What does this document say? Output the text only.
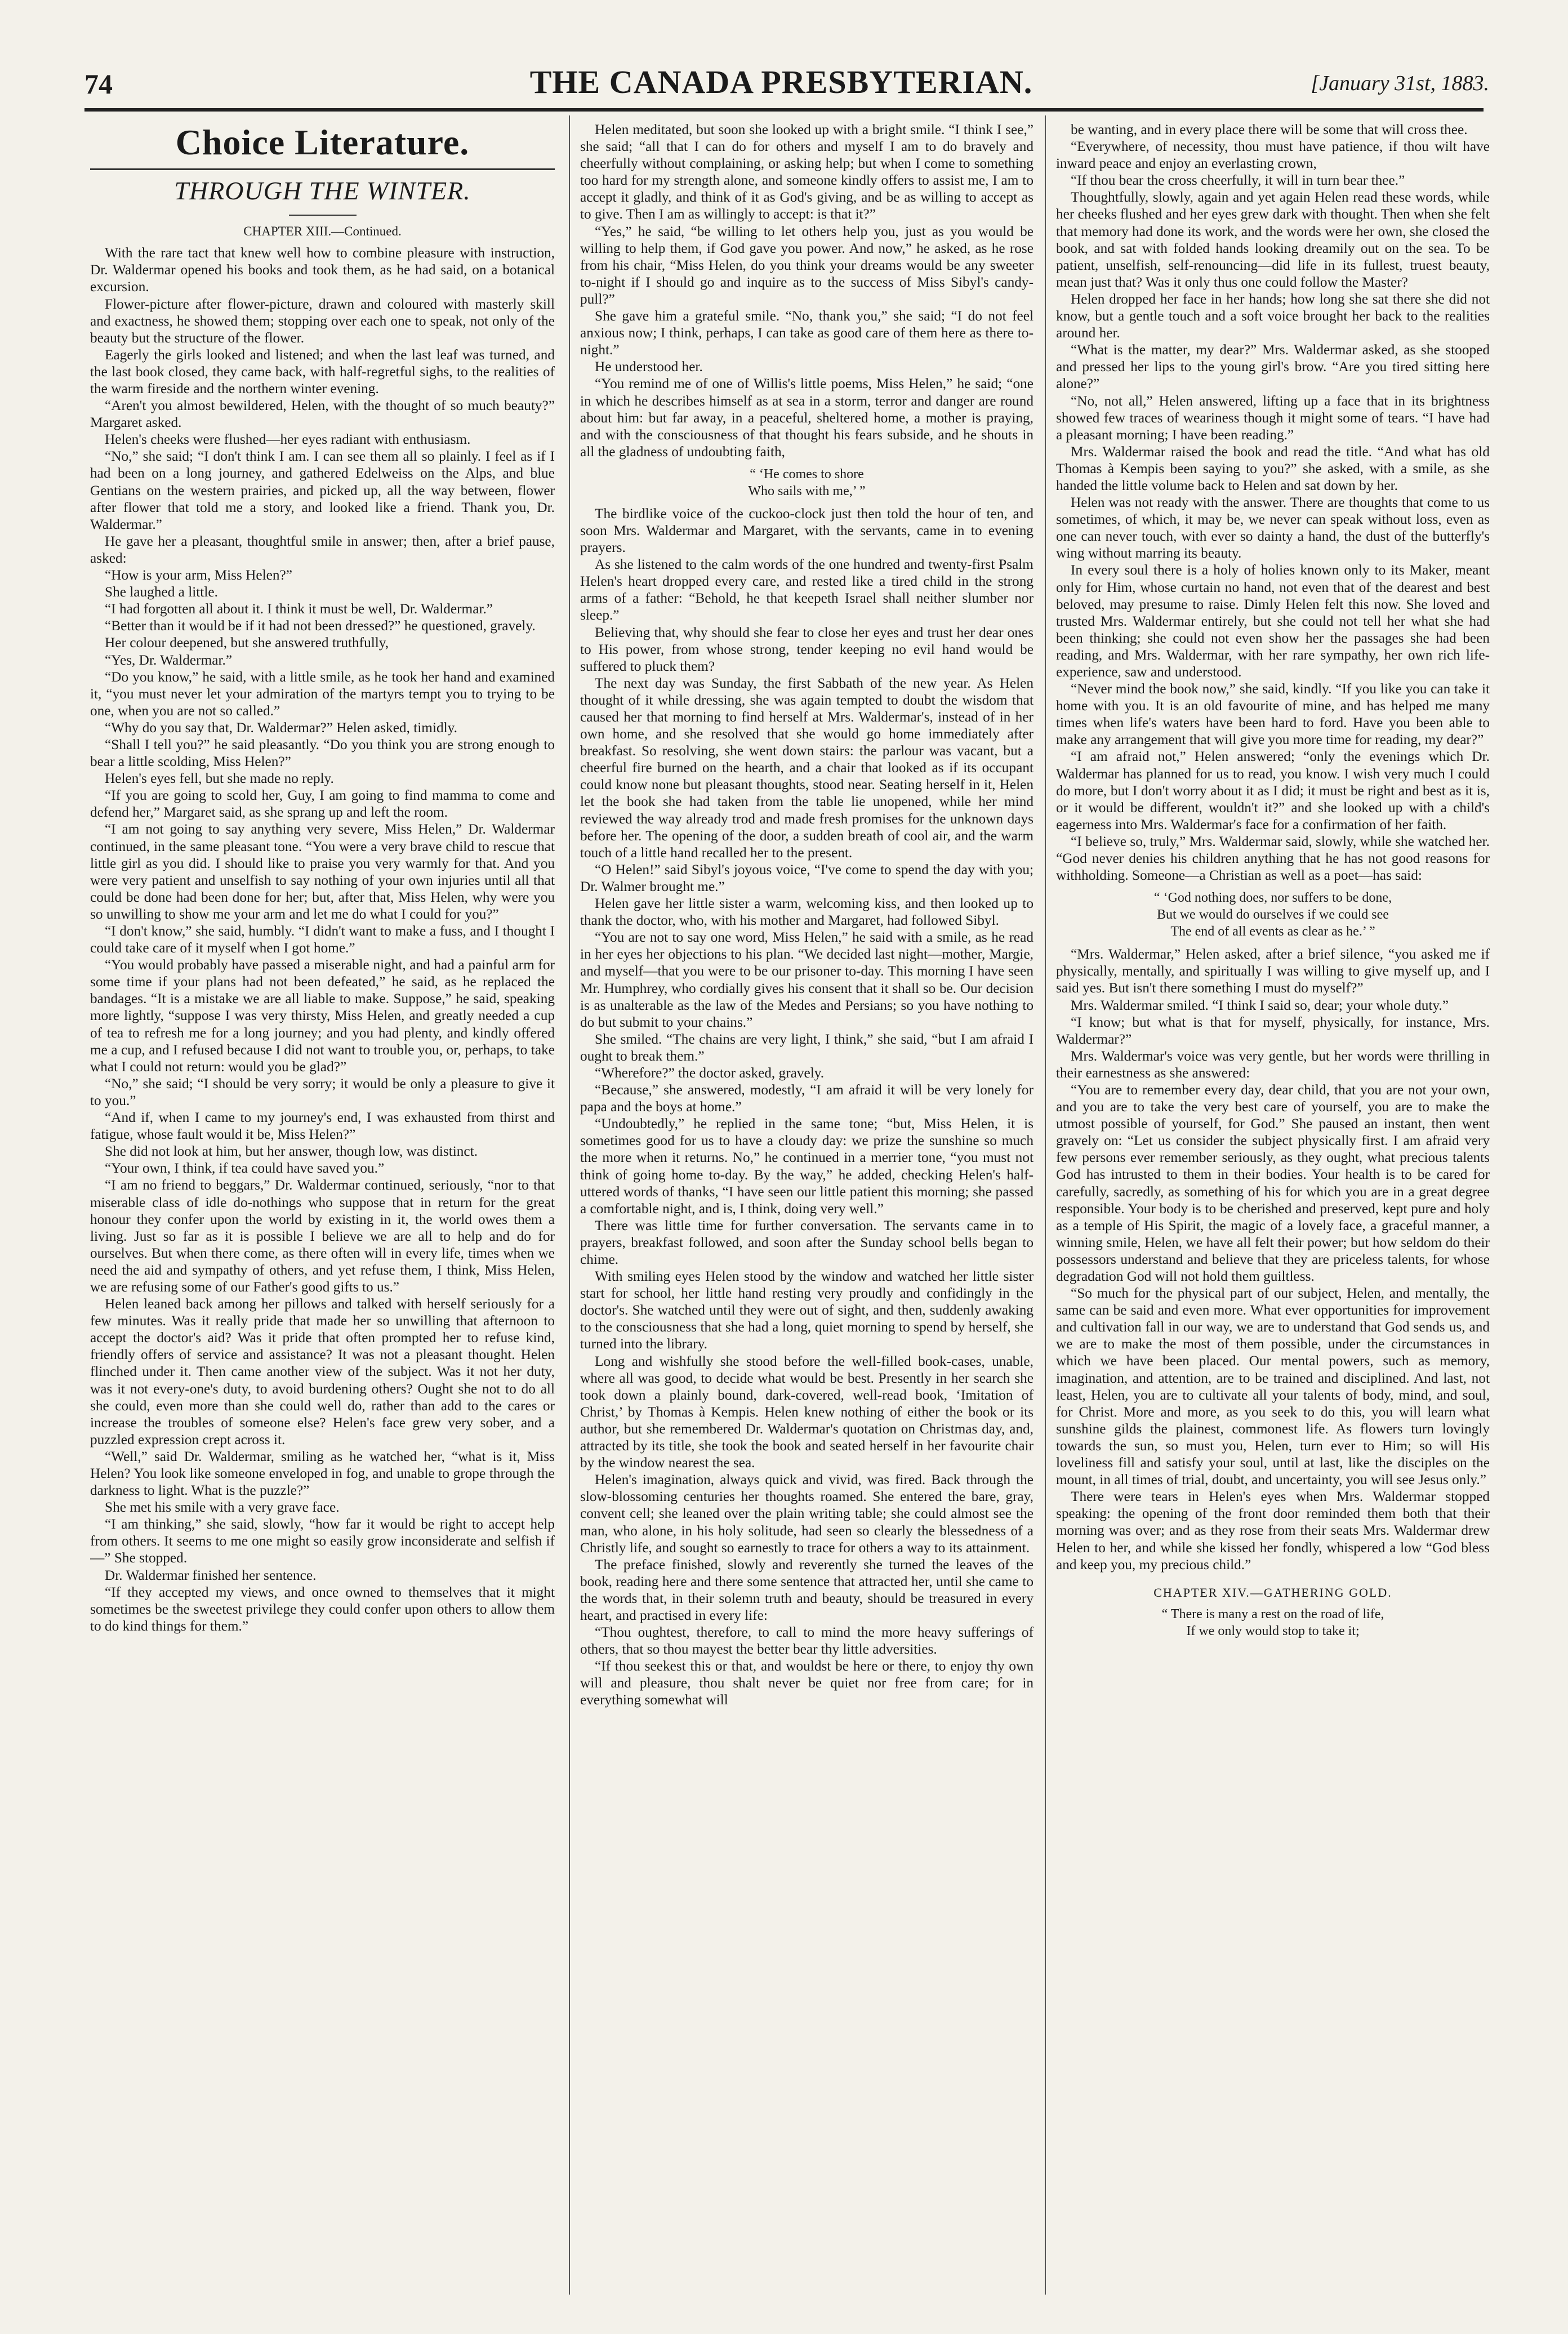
74	THE CANADA PRESBYTERIAN.	[January 31st, 1883.
Choice Literature.
THROUGH THE WINTER.
CHAPTER XIII.—Continued.

With the rare tact that knew well how to combine pleasure with instruction, Dr. Waldermar opened his books and took them, as he had said, on a botanical excursion.

Flower-picture after flower-picture, drawn and coloured with masterly skill and exactness, he showed them; stopping over each one to speak, not only of the beauty but the structure of the flower.

Eagerly the girls looked and listened; and when the last leaf was turned, and the last book closed, they came back, with half-regretful sighs, to the realities of the warm fireside and the northern winter evening.

“Aren't you almost bewildered, Helen, with the thought of so much beauty?” Margaret asked.

Helen's cheeks were flushed—her eyes radiant with enthusiasm.

“No,” she said; “I don't think I am. I can see them all so plainly. I feel as if I had been on a long journey, and gathered Edelweiss on the Alps, and blue Gentians on the western prairies, and picked up, all the way between, flower after flower that told me a story, and looked like a friend. Thank you, Dr. Waldermar.”

He gave her a pleasant, thoughtful smile in answer; then, after a brief pause, asked:

“How is your arm, Miss Helen?”

She laughed a little.

“I had forgotten all about it. I think it must be well, Dr. Waldermar.”

“Better than it would be if it had not been dressed?” he questioned, gravely.

Her colour deepened, but she answered truthfully,

“Yes, Dr. Waldermar.”

“Do you know,” he said, with a little smile, as he took her hand and examined it, “you must never let your admiration of the martyrs tempt you to trying to be one, when you are not so called.”

“Why do you say that, Dr. Waldermar?” Helen asked, timidly.

“Shall I tell you?” he said pleasantly. “Do you think you are strong enough to bear a little scolding, Miss Helen?”

Helen's eyes fell, but she made no reply.

“If you are going to scold her, Guy, I am going to find mamma to come and defend her,” Margaret said, as she sprang up and left the room.

“I am not going to say anything very severe, Miss Helen,” Dr. Waldermar continued, in the same pleasant tone. “You were a very brave child to rescue that little girl as you did. I should like to praise you very warmly for that. And you were very patient and unselfish to say nothing of your own injuries until all that could be done had been done for her; but, after that, Miss Helen, why were you so unwilling to show me your arm and let me do what I could for you?”

“I don't know,” she said, humbly. “I didn't want to make a fuss, and I thought I could take care of it myself when I got home.”

“You would probably have passed a miserable night, and had a painful arm for some time if your plans had not been defeated,” he said, as he replaced the bandages. “It is a mistake we are all liable to make. Suppose,” he said, speaking more lightly, “suppose I was very thirsty, Miss Helen, and greatly needed a cup of tea to refresh me for a long journey; and you had plenty, and kindly offered me a cup, and I refused because I did not want to trouble you, or, perhaps, to take what I could not return: would you be glad?”

“No,” she said; “I should be very sorry; it would be only a pleasure to give it to you.”

“And if, when I came to my journey's end, I was exhausted from thirst and fatigue, whose fault would it be, Miss Helen?”

She did not look at him, but her answer, though low, was distinct.

“Your own, I think, if tea could have saved you.”

“I am no friend to beggars,” Dr. Waldermar continued, seriously, “nor to that miserable class of idle do-nothings who suppose that in return for the great honour they confer upon the world by existing in it, the world owes them a living. Just so far as it is possible I believe we are all to help and do for ourselves. But when there come, as there often will in every life, times when we need the aid and sympathy of others, and yet refuse them, I think, Miss Helen, we are refusing some of our Father's good gifts to us.”

Helen leaned back among her pillows and talked with herself seriously for a few minutes. Was it really pride that made her so unwilling that afternoon to accept the doctor's aid? Was it pride that often prompted her to refuse kind, friendly offers of service and assistance? It was not a pleasant thought. Helen flinched under it. Then came another view of the subject. Was it not her duty, was it not every-one's duty, to avoid burdening others? Ought she not to do all she could, even more than she could well do, rather than add to the cares or increase the troubles of someone else? Helen's face grew very sober, and a puzzled expression crept across it.

“Well,” said Dr. Waldermar, smiling as he watched her, “what is it, Miss Helen? You look like someone enveloped in fog, and unable to grope through the darkness to light. What is the puzzle?”

She met his smile with a very grave face.

“I am thinking,” she said, slowly, “how far it would be right to accept help from others. It seems to me one might so easily grow inconsiderate and selfish if—” She stopped.

Dr. Waldermar finished her sentence.

“If they accepted my views, and once owned to themselves that it might sometimes be the sweetest privilege they could confer upon others to allow them to do kind things for them.”

Helen meditated, but soon she looked up with a bright smile. “I think I see,” she said; “all that I can do for others and myself I am to do bravely and cheerfully without complaining, or asking help; but when I come to something too hard for my strength alone, and someone kindly offers to assist me, I am to accept it gladly, and think of it as God's giving, and be as willing to accept as to give. Then I am as willingly to accept: is that it?”

“Yes,” he said, “be willing to let others help you, just as you would be willing to help them, if God gave you power. And now,” he asked, as he rose from his chair, “Miss Helen, do you think your dreams would be any sweeter to-night if I should go and inquire as to the success of Miss Sibyl's candy-pull?”

She gave him a grateful smile. “No, thank you,” she said; “I do not feel anxious now; I think, perhaps, I can take as good care of them here as there to-night.”

He understood her.

“You remind me of one of Willis's little poems, Miss Helen,” he said; “one in which he describes himself as at sea in a storm, terror and danger are round about him: but far away, in a peaceful, sheltered home, a mother is praying, and with the consciousness of that thought his fears subside, and he shouts in all the gladness of undoubting faith,

“ ‘He comes to shore
Who sails with me,’ ”

The birdlike voice of the cuckoo-clock just then told the hour of ten, and soon Mrs. Waldermar and Margaret, with the servants, came in to evening prayers.

As she listened to the calm words of the one hundred and twenty-first Psalm Helen's heart dropped every care, and rested like a tired child in the strong arms of a father: “Behold, he that keepeth Israel shall neither slumber nor sleep.”

Believing that, why should she fear to close her eyes and trust her dear ones to His power, from whose strong, tender keeping no evil hand would be suffered to pluck them?

The next day was Sunday, the first Sabbath of the new year. As Helen thought of it while dressing, she was again tempted to doubt the wisdom that caused her that morning to find herself at Mrs. Waldermar's, instead of in her own home, and she resolved that she would go home immediately after breakfast. So resolving, she went down stairs: the parlour was vacant, but a cheerful fire burned on the hearth, and a chair that looked as if its occupant could know none but pleasant thoughts, stood near. Seating herself in it, Helen let the book she had taken from the table lie unopened, while her mind reviewed the way already trod and made fresh promises for the unknown days before her. The opening of the door, a sudden breath of cool air, and the warm touch of a little hand recalled her to the present.

“O Helen!” said Sibyl's joyous voice, “I've come to spend the day with you; Dr. Walmer brought me.”

Helen gave her little sister a warm, welcoming kiss, and then looked up to thank the doctor, who, with his mother and Margaret, had followed Sibyl.

“You are not to say one word, Miss Helen,” he said with a smile, as he read in her eyes her objections to his plan. “We decided last night—mother, Margie, and myself—that you were to be our prisoner to-day. This morning I have seen Mr. Humphrey, who cordially gives his consent that it shall so be. Our decision is as unalterable as the law of the Medes and Persians; so you have nothing to do but submit to your chains.”

She smiled. “The chains are very light, I think,” she said, “but I am afraid I ought to break them.”

“Wherefore?” the doctor asked, gravely.

“Because,” she answered, modestly, “I am afraid it will be very lonely for papa and the boys at home.”

“Undoubtedly,” he replied in the same tone; “but, Miss Helen, it is sometimes good for us to have a cloudy day: we prize the sunshine so much the more when it returns. No,” he continued in a merrier tone, “you must not think of going home to-day. By the way,” he added, checking Helen's half-uttered words of thanks, “I have seen our little patient this morning; she passed a comfortable night, and is, I think, doing very well.”

There was little time for further conversation. The servants came in to prayers, breakfast followed, and soon after the Sunday school bells began to chime.

With smiling eyes Helen stood by the window and watched her little sister start for school, her little hand resting very proudly and confidingly in the doctor's. She watched until they were out of sight, and then, suddenly awaking to the consciousness that she had a long, quiet morning to spend by herself, she turned into the library.

Long and wishfully she stood before the well-filled book-cases, unable, where all was good, to decide what would be best. Presently in her search she took down a plainly bound, dark-covered, well-read book, ‘Imitation of Christ,’ by Thomas à Kempis. Helen knew nothing of either the book or its author, but she remembered Dr. Waldermar's quotation on Christmas day, and, attracted by its title, she took the book and seated herself in her favourite chair by the window nearest the sea.

Helen's imagination, always quick and vivid, was fired. Back through the slow-blossoming centuries her thoughts roamed. She entered the bare, gray, convent cell; she leaned over the plain writing table; she could almost see the man, who alone, in his holy solitude, had seen so clearly the blessedness of a Christly life, and sought so earnestly to trace for others a way to its attainment.

The preface finished, slowly and reverently she turned the leaves of the book, reading here and there some sentence that attracted her, until she came to the words that, in their solemn truth and beauty, should be treasured in every heart, and practised in every life:

“Thou oughtest, therefore, to call to mind the more heavy sufferings of others, that so thou mayest the better bear thy little adversities.

“If thou seekest this or that, and wouldst be here or there, to enjoy thy own will and pleasure, thou shalt never be quiet nor free from care; for in everything somewhat will

be wanting, and in every place there will be some that will cross thee.

“Everywhere, of necessity, thou must have patience, if thou wilt have inward peace and enjoy an everlasting crown,

“If thou bear the cross cheerfully, it will in turn bear thee.”

Thoughtfully, slowly, again and yet again Helen read these words, while her cheeks flushed and her eyes grew dark with thought. Then when she felt that memory had done its work, and the words were her own, she closed the book, and sat with folded hands looking dreamily out on the sea. To be patient, unselfish, self-renouncing—did life in its fullest, truest beauty, mean just that? Was it only thus one could follow the Master?

Helen dropped her face in her hands; how long she sat there she did not know, but a gentle touch and a soft voice brought her back to the realities around her.

“What is the matter, my dear?” Mrs. Waldermar asked, as she stooped and pressed her lips to the young girl's brow. “Are you tired sitting here alone?”

“No, not all,” Helen answered, lifting up a face that in its brightness showed few traces of weariness though it might some of tears. “I have had a pleasant morning; I have been reading.”

Mrs. Waldermar raised the book and read the title. “And what has old Thomas à Kempis been saying to you?” she asked, with a smile, as she handed the little volume back to Helen and sat down by her.

Helen was not ready with the answer. There are thoughts that come to us sometimes, of which, it may be, we never can speak without loss, even as one can never touch, with ever so dainty a hand, the dust of the butterfly's wing without marring its beauty.

In every soul there is a holy of holies known only to its Maker, meant only for Him, whose curtain no hand, not even that of the dearest and best beloved, may presume to raise. Dimly Helen felt this now. She loved and trusted Mrs. Waldermar entirely, but she could not tell her what she had been thinking; she could not even show her the passages she had been reading, and Mrs. Waldermar, with her rare sympathy, her own rich life-experience, saw and understood.

“Never mind the book now,” she said, kindly. “If you like you can take it home with you. It is an old favourite of mine, and has helped me many times when life's waters have been hard to ford. Have you been able to make any arrangement that will give you more time for reading, my dear?”

“I am afraid not,” Helen answered; “only the evenings which Dr. Waldermar has planned for us to read, you know. I wish very much I could do more, but I don't worry about it as I did; it must be right and best as it is, or it would be different, wouldn't it?” and she looked up with a child's eagerness into Mrs. Waldermar's face for a confirmation of her faith.

“I believe so, truly,” Mrs. Waldermar said, slowly, while she watched her. “God never denies his children anything that he has not good reasons for withholding. Someone—a Christian as well as a poet—has said:

“ ‘God nothing does, nor suffers to be done,
But we would do ourselves if we could see
The end of all events as clear as he.’ ”

“Mrs. Waldermar,” Helen asked, after a brief silence, “you asked me if physically, mentally, and spiritually I was willing to give myself up, and I said yes. But isn't there something I must do myself?”

Mrs. Waldermar smiled. “I think I said so, dear; your whole duty.”

“I know; but what is that for myself, physically, for instance, Mrs. Waldermar?”

Mrs. Waldermar's voice was very gentle, but her words were thrilling in their earnestness as she answered:

“You are to remember every day, dear child, that you are not your own, and you are to take the very best care of yourself, you are to make the utmost possible of yourself, for God.” She paused an instant, then went gravely on: “Let us consider the subject physically first. I am afraid very few persons ever remember seriously, as they ought, what precious talents God has intrusted to them in their bodies. Your health is to be cared for carefully, sacredly, as something of his for which you are in a great degree responsible. Your body is to be cherished and preserved, kept pure and holy as a temple of His Spirit, the magic of a lovely face, a graceful manner, a winning smile, Helen, we have all felt their power; but how seldom do their possessors understand and believe that they are priceless talents, for whose degradation God will not hold them guiltless.

“So much for the physical part of our subject, Helen, and mentally, the same can be said and even more. What ever opportunities for improvement and cultivation fall in our way, we are to understand that God sends us, and we are to make the most of them possible, under the circumstances in which we have been placed. Our mental powers, such as memory, imagination, and attention, are to be trained and disciplined. And last, not least, Helen, you are to cultivate all your talents of body, mind, and soul, for Christ. More and more, as you seek to do this, you will learn what sunshine gilds the plainest, commonest life. As flowers turn lovingly towards the sun, so must you, Helen, turn ever to Him; so will His loveliness fill and satisfy your soul, until at last, like the disciples on the mount, in all times of trial, doubt, and uncertainty, you will see Jesus only.”

There were tears in Helen's eyes when Mrs. Waldermar stopped speaking: the opening of the front door reminded them both that their morning was over; and as they rose from their seats Mrs. Waldermar drew Helen to her, and while she kissed her fondly, whispered a low “God bless and keep you, my precious child.”

CHAPTER XIV.—GATHERING GOLD.
“ There is many a rest on the road of life,
If we only would stop to take it;
